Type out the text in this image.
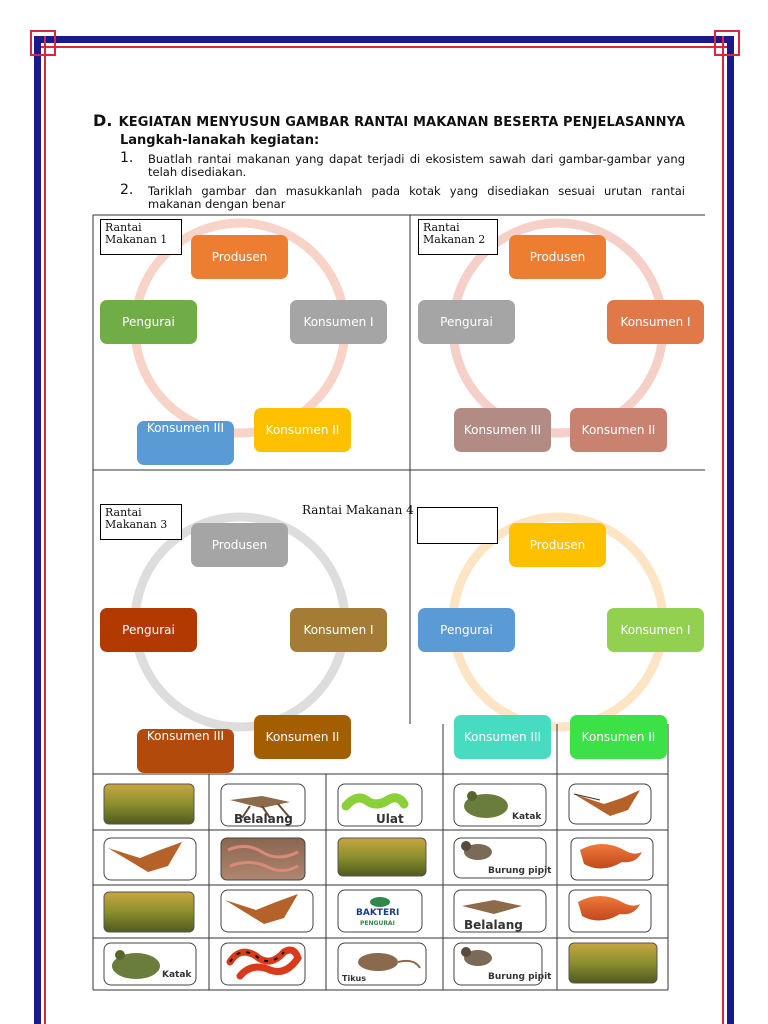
D. KEGIATAN MENYUSUN GAMBAR RANTAI MAKANAN BESERTA PENJELASANNYA
Langkah-lanakah kegiatan:
1. Buatlah rantai makanan yang dapat terjadi di ekosistem sawah dari gambar-gambar yang telah disediakan.
2. Tariklah gambar dan masukkanlah pada kotak yang disediakan sesuai urutan rantai makanan dengan benar
Rantai Makanan 1
Produsen
Konsumen I
Konsumen II
Konsumen III
Pengurai
Rantai Makanan 2
Produsen
Konsumen I
Konsumen II
Konsumen III
Pengurai
Rantai Makanan 3
Produsen
Konsumen I
Konsumen II
Konsumen III
Pengurai
Rantai Makanan 4
Produsen
Konsumen I
Konsumen II
Konsumen III
Pengurai
Belalang	Ulat	Katak
Burung pipit
BAKTERI
PENGURAI	Belalang
Katak	Tikus	Burung pipit
